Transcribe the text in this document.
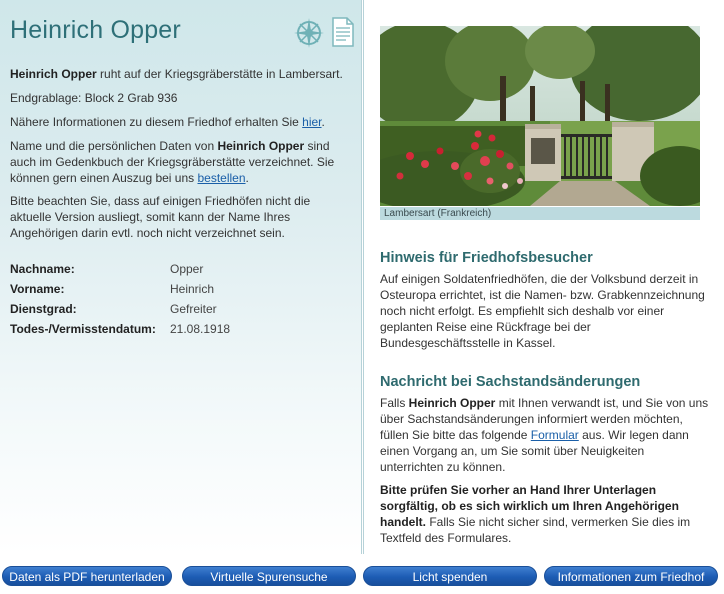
Heinrich Opper

Heinrich Opper ruht auf der Kriegsgräberstätte in Lambersart.

Endgrablage: Block 2 Grab 936

Nähere Informationen zu diesem Friedhof erhalten Sie hier.

Name und die persönlichen Daten von Heinrich Opper sind auch im Gedenkbuch der Kriegsgräberstätte verzeichnet. Sie können gern einen Auszug bei uns bestellen.

Bitte beachten Sie, dass auf einigen Friedhöfen nicht die aktuelle Version ausliegt, somit kann der Name Ihres Angehörigen darin evtl. noch nicht verzeichnet sein.

Nachname:	Opper
Vorname:	Heinrich
Dienstgrad:	Gefreiter
Todes-/Vermisstendatum: 21.08.1918
Lambersart (Frankreich)
Hinweis für Friedhofsbesucher

Auf einigen Soldatenfriedhöfen, die der Volksbund derzeit in Osteuropa errichtet, ist die Namen- bzw. Grabkennzeichnung noch nicht erfolgt. Es empfiehlt sich deshalb vor einer geplanten Reise eine Rückfrage bei der Bundesgeschäftsstelle in Kassel.

Nachricht bei Sachstandsänderungen

Falls Heinrich Opper mit Ihnen verwandt ist, und Sie von uns über Sachstandsänderungen informiert werden möchten, füllen Sie bitte das folgende Formular aus. Wir legen dann einen Vorgang an, um Sie somit über Neuigkeiten unterrichten zu können.

Bitte prüfen Sie vorher an Hand Ihrer Unterlagen sorgfältig, ob es sich wirklich um Ihren Angehörigen handelt. Falls Sie nicht sicher sind, vermerken Sie dies im Textfeld des Formulares.

Daten als PDF herunterladen	Virtuelle Spurensuche	Licht spenden	Informationen zum Friedhof
